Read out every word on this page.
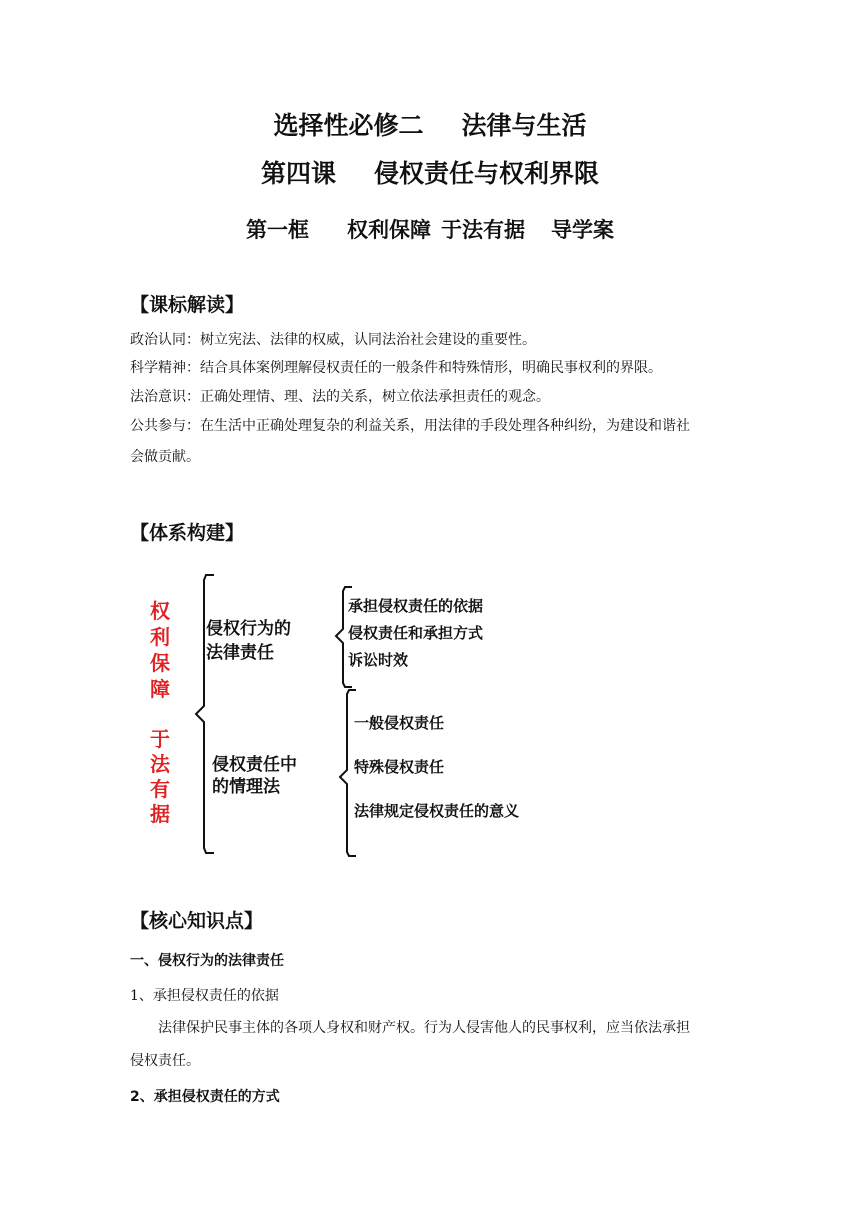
选择性必修二 法律与生活
第四课 侵权责任与权利界限
第一框 权利保障 于法有据 导学案
【课标解读】
政治认同：树立宪法、法律的权威，认同法治社会建设的重要性。
科学精神：结合具体案例理解侵权责任的一般条件和特殊情形，明确民事权利的界限。
法治意识：正确处理情、理、法的关系，树立依法承担责任的观念。
公共参与：在生活中正确处理复杂的利益关系，用法律的手段处理各种纠纷，为建设和谐社
会做贡献。
【体系构建】
权
利
保
障
于
法
有
据
侵权行为的
法律责任
承担侵权责任的依据
侵权责任和承担方式
诉讼时效
侵权责任中
的情理法
一般侵权责任
特殊侵权责任
法律规定侵权责任的意义
【核心知识点】
一、侵权行为的法律责任
1、承担侵权责任的依据
法律保护民事主体的各项人身权和财产权。行为人侵害他人的民事权利，应当依法承担
侵权责任。
2、承担侵权责任的方式
